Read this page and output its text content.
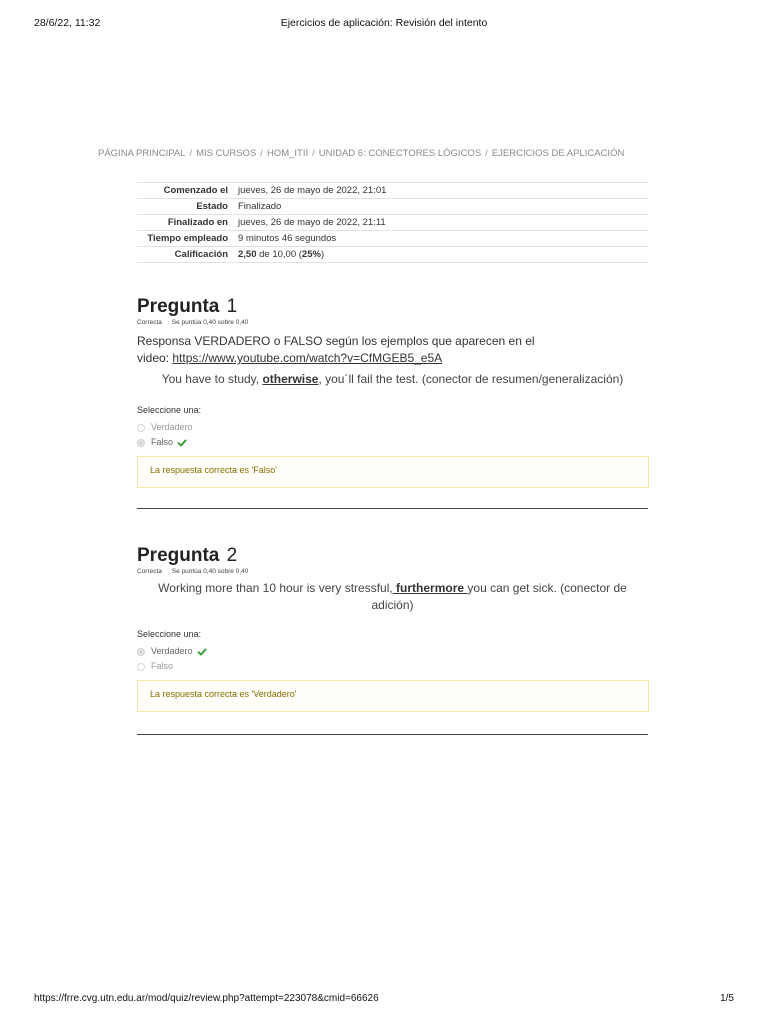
28/6/22, 11:32	Ejercicios de aplicación: Revisión del intento
PÁGINA PRINCIPAL / MIS CURSOS / HOM_ITII / UNIDAD 6: CONECTORES LÓGICOS / EJERCICIOS DE APLICACIÓN
Comenzado el	jueves, 26 de mayo de 2022, 21:01
Estado	Finalizado
Finalizado en	jueves, 26 de mayo de 2022, 21:11
Tiempo empleado	9 minutos 46 segundos
Calificación	2,50 de 10,00 (25%)
Pregunta 1
Correcta Se puntúa 0,40 sobre 0,40
Responsa VERDADERO o FALSO según los ejemplos que aparecen en el video: https://www.youtube.com/watch?v=CfMGEB5_e5A
You have to study, otherwise, you´ll fail the test. (conector de resumen/generalización)
Seleccione una:
Verdadero
Falso
La respuesta correcta es 'Falso'
Pregunta 2
Correcta Se puntúa 0,40 sobre 0,40
Working more than 10 hour is very stressful, furthermore you can get sick. (conector de adición)
Seleccione una:
Verdadero
Falso
La respuesta correcta es 'Verdadero'
https://frre.cvg.utn.edu.ar/mod/quiz/review.php?attempt=223078&cmid=66626	1/5
